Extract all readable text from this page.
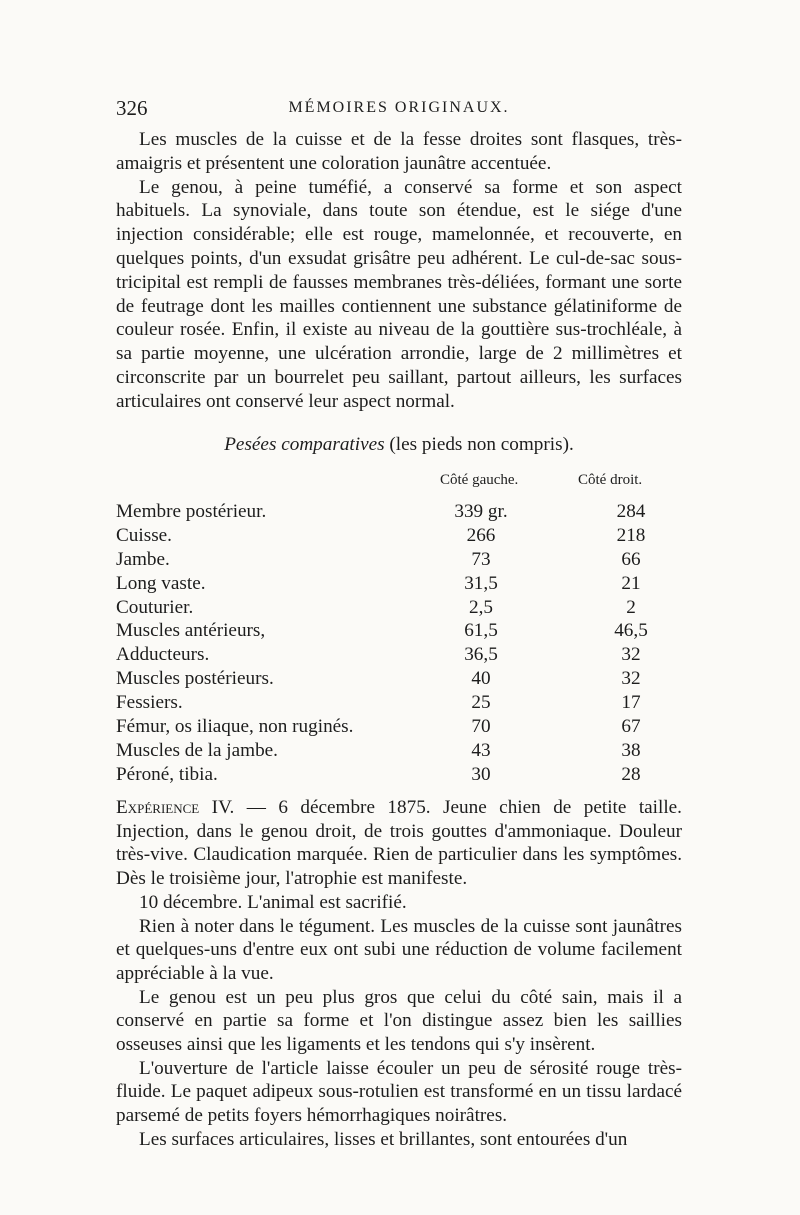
326	MÉMOIRES ORIGINAUX.

Les muscles de la cuisse et de la fesse droites sont flasques, très-amaigris et présentent une coloration jaunâtre accentuée.

Le genou, à peine tuméfié, a conservé sa forme et son aspect habituels. La synoviale, dans toute son étendue, est le siége d'une injection considérable; elle est rouge, mamelonnée, et recouverte, en quelques points, d'un exsudat grisâtre peu adhérent. Le cul-de-sac sous-tricipital est rempli de fausses membranes très-déliées, formant une sorte de feutrage dont les mailles contiennent une substance gélatiniforme de couleur rosée. Enfin, il existe au niveau de la gouttière sus-trochléale, à sa partie moyenne, une ulcération arrondie, large de 2 millimètres et circonscrite par un bourrelet peu saillant, partout ailleurs, les surfaces articulaires ont conservé leur aspect normal.

Pesées comparatives (les pieds non compris).
Côté gauche.	Côté droit.
Membre postérieur.	339 gr.	284
Cuisse.	266	218
Jambe.	73	66
Long vaste.	31,5	21
Couturier.	2,5	2
Muscles antérieurs,	61,5	46,5
Adducteurs.	36,5	32
Muscles postérieurs.	40	32
Fessiers.	25	17
Fémur, os iliaque, non ruginés.	70	67
Muscles de la jambe.	43	38
Péroné, tibia.	30	28

Expérience IV. — 6 décembre 1875. Jeune chien de petite taille. Injection, dans le genou droit, de trois gouttes d'ammoniaque. Douleur très-vive. Claudication marquée. Rien de particulier dans les symptômes. Dès le troisième jour, l'atrophie est manifeste.

10 décembre. L'animal est sacrifié.

Rien à noter dans le tégument. Les muscles de la cuisse sont jaunâtres et quelques-uns d'entre eux ont subi une réduction de volume facilement appréciable à la vue.

Le genou est un peu plus gros que celui du côté sain, mais il a conservé en partie sa forme et l'on distingue assez bien les saillies osseuses ainsi que les ligaments et les tendons qui s'y insèrent.

L'ouverture de l'article laisse écouler un peu de sérosité rouge très-fluide. Le paquet adipeux sous-rotulien est transformé en un tissu lardacé parsemé de petits foyers hémorrhagiques noirâtres.

Les surfaces articulaires, lisses et brillantes, sont entourées d'un
